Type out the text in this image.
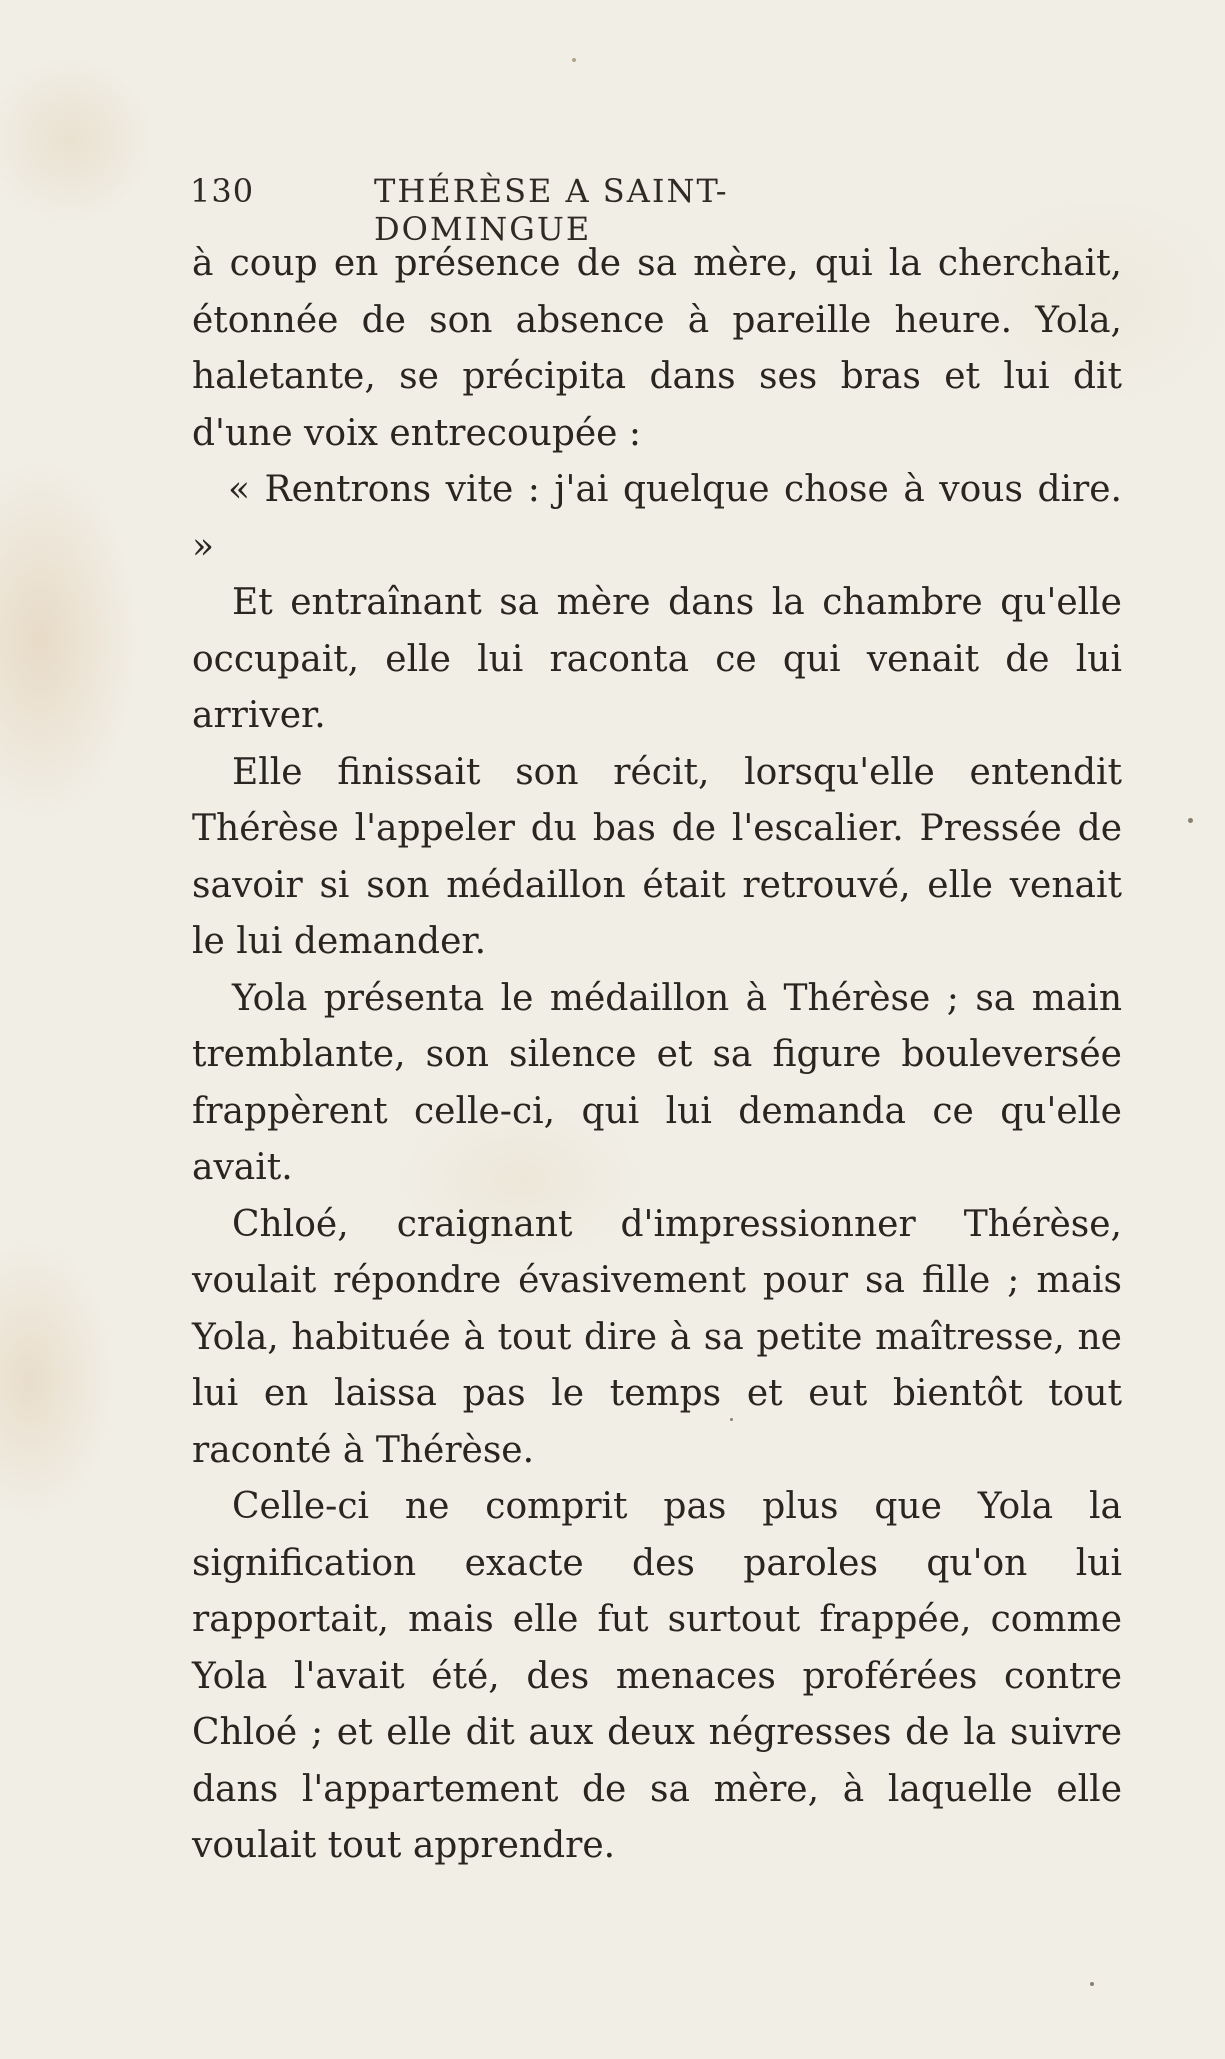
130	THÉRÈSE A SAINT-DOMINGUE

à coup en présence de sa mère, qui la cherchait, étonnée de son absence à pareille heure. Yola, haletante, se précipita dans ses bras et lui dit d'une voix entrecoupée :

« Rentrons vite : j'ai quelque chose à vous dire. »

Et entraînant sa mère dans la chambre qu'elle occupait, elle lui raconta ce qui venait de lui arriver.

Elle finissait son récit, lorsqu'elle entendit Thérèse l'appeler du bas de l'escalier. Pressée de savoir si son médaillon était retrouvé, elle venait le lui demander.

Yola présenta le médaillon à Thérèse ; sa main tremblante, son silence et sa figure bouleversée frappèrent celle-ci, qui lui demanda ce qu'elle avait.

Chloé, craignant d'impressionner Thérèse, voulait répondre évasivement pour sa fille ; mais Yola, habituée à tout dire à sa petite maîtresse, ne lui en laissa pas le temps et eut bientôt tout raconté à Thérèse.

Celle-ci ne comprit pas plus que Yola la signification exacte des paroles qu'on lui rapportait, mais elle fut surtout frappée, comme Yola l'avait été, des menaces proférées contre Chloé ; et elle dit aux deux négresses de la suivre dans l'appartement de sa mère, à laquelle elle voulait tout apprendre.
